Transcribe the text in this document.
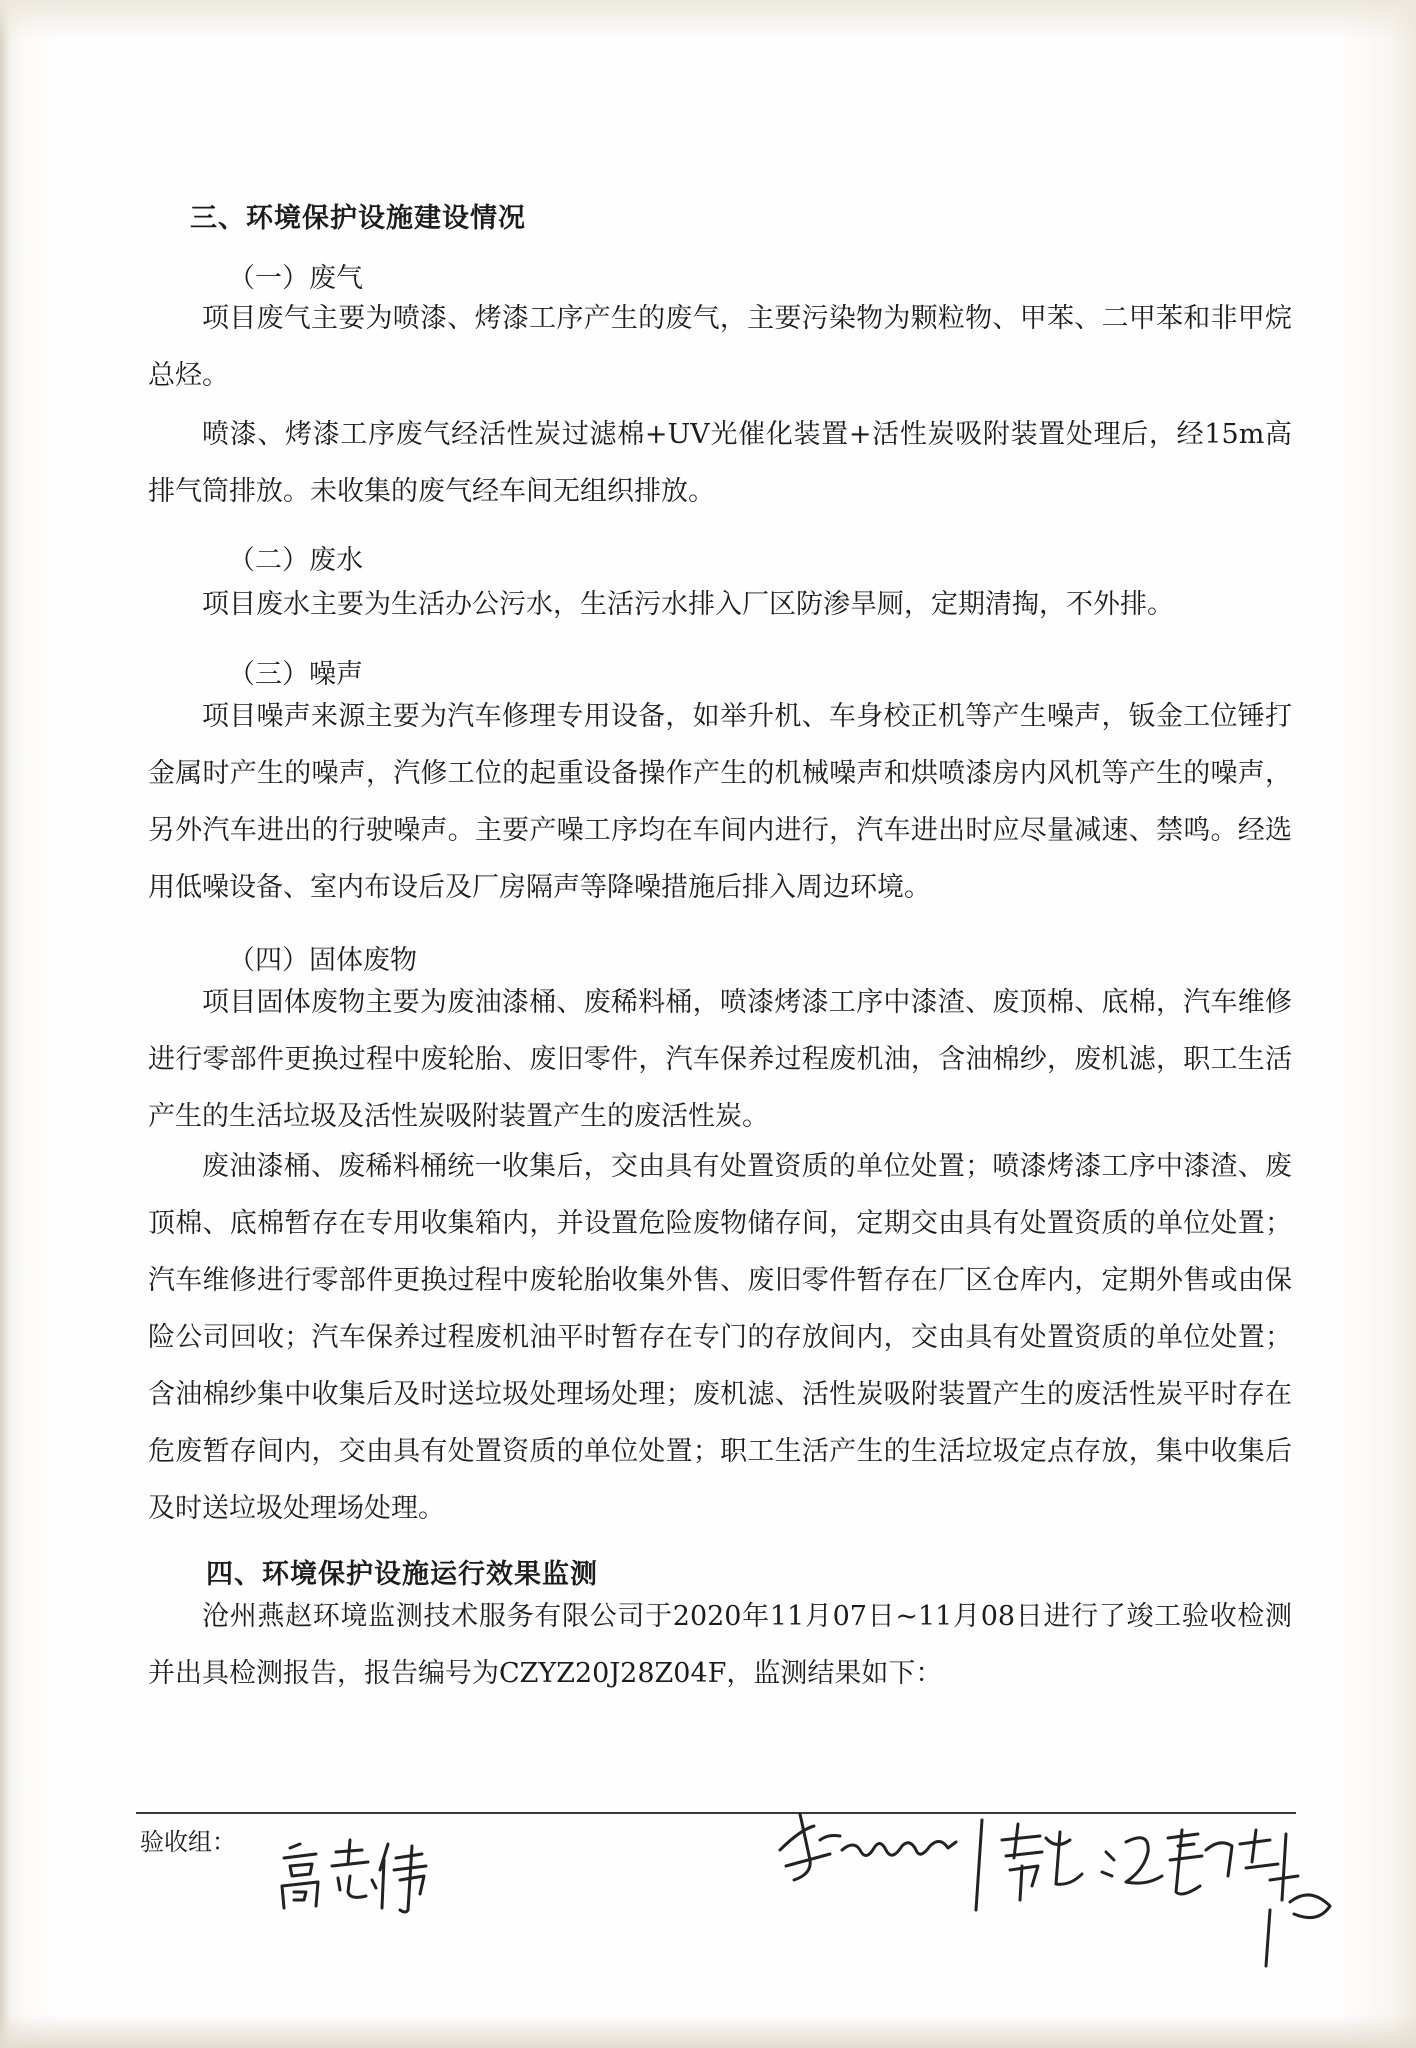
三、环境保护设施建设情况
（一）废气

项目废气主要为喷漆、烤漆工序产生的废气，主要污染物为颗粒物、甲苯、二甲苯和非甲烷总烃。

喷漆、烤漆工序废气经活性炭过滤棉+UV光催化装置+活性炭吸附装置处理后，经15m高排气筒排放。未收集的废气经车间无组织排放。

（二）废水

项目废水主要为生活办公污水，生活污水排入厂区防渗旱厕，定期清掏，不外排。

（三）噪声

项目噪声来源主要为汽车修理专用设备，如举升机、车身校正机等产生噪声，钣金工位锤打金属时产生的噪声，汽修工位的起重设备操作产生的机械噪声和烘喷漆房内风机等产生的噪声，另外汽车进出的行驶噪声。主要产噪工序均在车间内进行，汽车进出时应尽量减速、禁鸣。经选用低噪设备、室内布设后及厂房隔声等降噪措施后排入周边环境。

（四）固体废物

项目固体废物主要为废油漆桶、废稀料桶，喷漆烤漆工序中漆渣、废顶棉、底棉，汽车维修进行零部件更换过程中废轮胎、废旧零件，汽车保养过程废机油，含油棉纱，废机滤，职工生活产生的生活垃圾及活性炭吸附装置产生的废活性炭。

废油漆桶、废稀料桶统一收集后，交由具有处置资质的单位处置；喷漆烤漆工序中漆渣、废顶棉、底棉暂存在专用收集箱内，并设置危险废物储存间，定期交由具有处置资质的单位处置；汽车维修进行零部件更换过程中废轮胎收集外售、废旧零件暂存在厂区仓库内，定期外售或由保险公司回收；汽车保养过程废机油平时暂存在专门的存放间内，交由具有处置资质的单位处置；含油棉纱集中收集后及时送垃圾处理场处理；废机滤、活性炭吸附装置产生的废活性炭平时存在危废暂存间内，交由具有处置资质的单位处置；职工生活产生的生活垃圾定点存放，集中收集后及时送垃圾处理场处理。

四、环境保护设施运行效果监测

沧州燕赵环境监测技术服务有限公司于2020年11月07日~11月08日进行了竣工验收检测并出具检测报告，报告编号为CZYZ20J28Z04F，监测结果如下：

验收组：
